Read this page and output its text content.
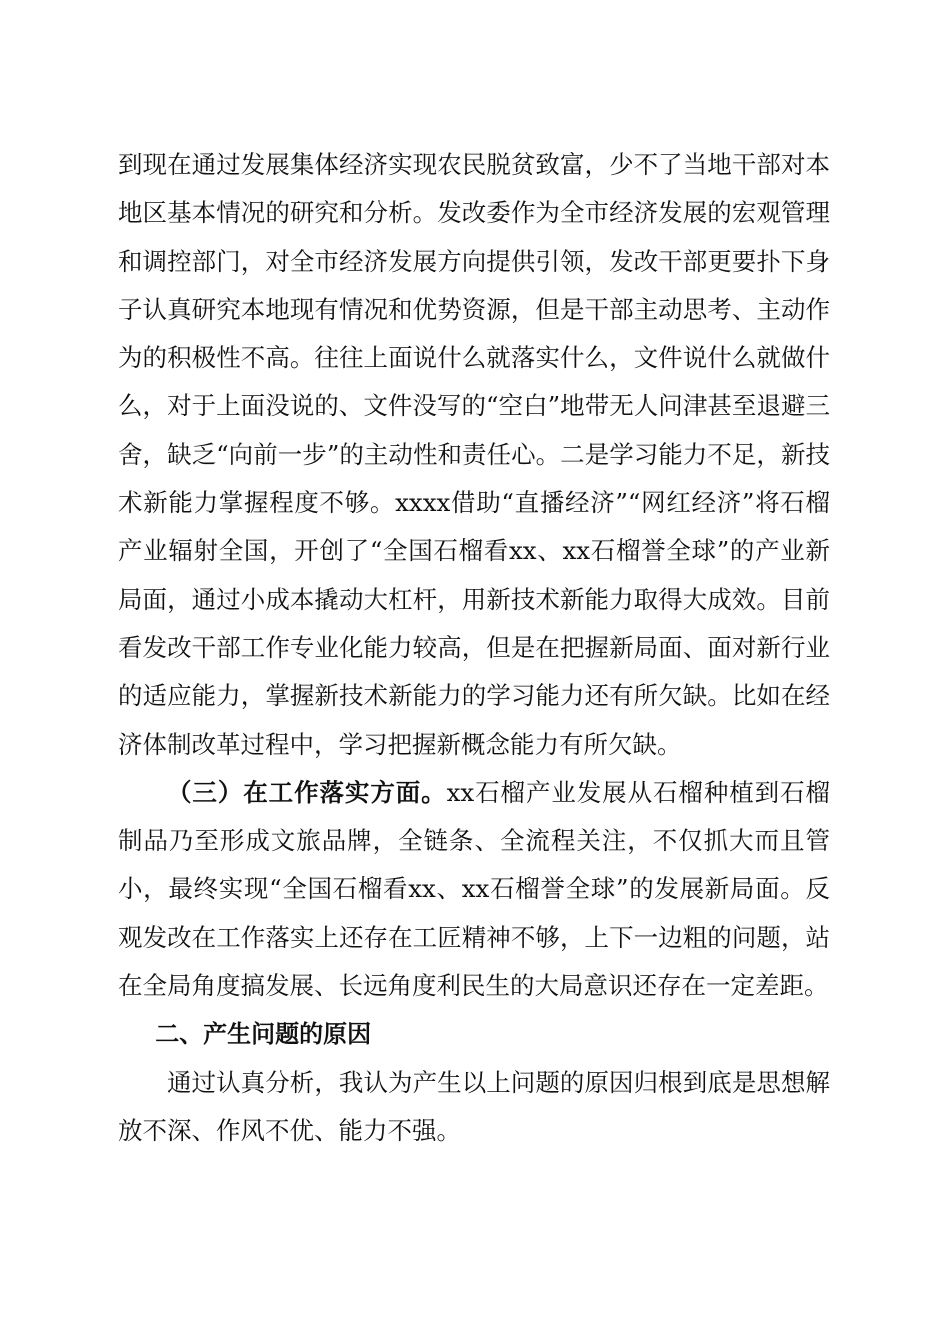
到现在通过发展集体经济实现农民脱贫致富，少不了当地干部对本地区基本情况的研究和分析。发改委作为全市经济发展的宏观管理和调控部门，对全市经济发展方向提供引领，发改干部更要扑下身子认真研究本地现有情况和优势资源，但是干部主动思考、主动作为的积极性不高。往往上面说什么就落实什么，文件说什么就做什么，对于上面没说的、文件没写的“空白”地带无人问津甚至退避三舍，缺乏“向前一步”的主动性和责任心。二是学习能力不足，新技术新能力掌握程度不够。xxxx借助“直播经济”“网红经济”将石榴产业辐射全国，开创了“全国石榴看xx、xx石榴誉全球”的产业新局面，通过小成本撬动大杠杆，用新技术新能力取得大成效。目前看发改干部工作专业化能力较高，但是在把握新局面、面对新行业的适应能力，掌握新技术新能力的学习能力还有所欠缺。比如在经济体制改革过程中，学习把握新概念能力有所欠缺。

（三）在工作落实方面。xx石榴产业发展从石榴种植到石榴制品乃至形成文旅品牌，全链条、全流程关注，不仅抓大而且管小，最终实现“全国石榴看xx、xx石榴誉全球”的发展新局面。反观发改在工作落实上还存在工匠精神不够，上下一边粗的问题，站在全局角度搞发展、长远角度利民生的大局意识还存在一定差距。

二、产生问题的原因

通过认真分析，我认为产生以上问题的原因归根到底是思想解放不深、作风不优、能力不强。
